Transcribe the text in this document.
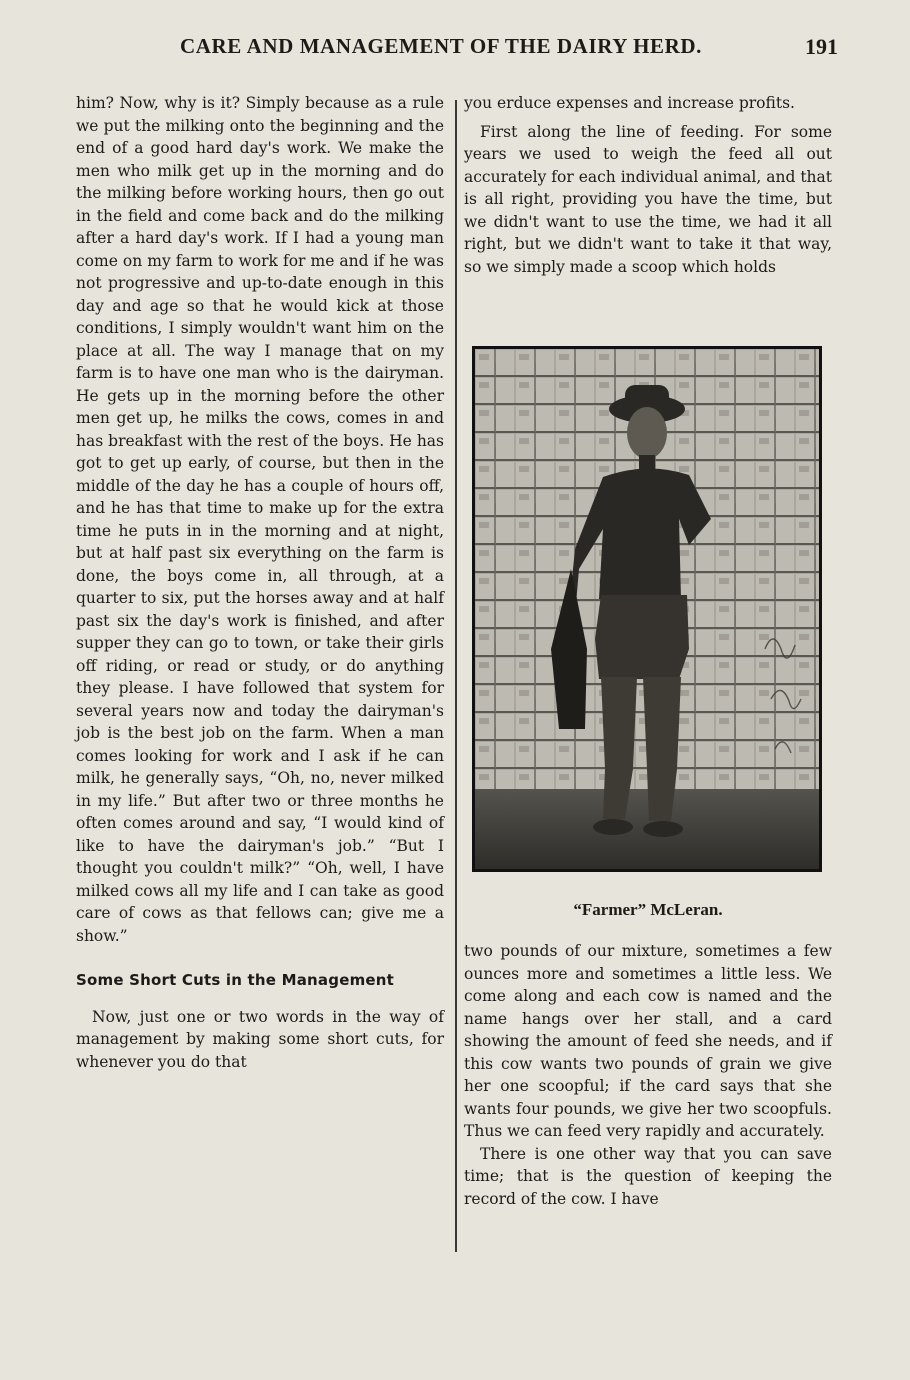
CARE AND MANAGEMENT OF THE DAIRY HERD.	191

him? Now, why is it? Simply because as a rule we put the milking onto the beginning and the end of a good hard day's work. We make the men who milk get up in the morning and do the milking before working hours, then go out in the field and come back and do the milking after a hard day's work. If I had a young man come on my farm to work for me and if he was not progressive and up-to-date enough in this day and age so that he would kick at those conditions, I simply wouldn't want him on the place at all. The way I manage that on my farm is to have one man who is the dairyman. He gets up in the morning before the other men get up, he milks the cows, comes in and has breakfast with the rest of the boys. He has got to get up early, of course, but then in the middle of the day he has a couple of hours off, and he has that time to make up for the extra time he puts in in the morning and at night, but at half past six everything on the farm is done, the boys come in, all through, at a quarter to six, put the horses away and at half past six the day's work is finished, and after supper they can go to town, or take their girls off riding, or read or study, or do anything they please. I have followed that system for several years now and today the dairyman's job is the best job on the farm. When a man comes looking for work and I ask if he can milk, he generally says, “Oh, no, never milked in my life.” But after two or three months he often comes around and say, “I would kind of like to have the dairyman's job.” “But I thought you couldn't milk?” “Oh, well, I have milked cows all my life and I can take as good care of cows as that fellows can; give me a show.”

Some Short Cuts in the Management

Now, just one or two words in the way of management by making some short cuts, for whenever you do that

you erduce expenses and increase profits.

First along the line of feeding. For some years we used to weigh the feed all out accurately for each individual animal, and that is all right, providing you have the time, but we didn't want to use the time, we had it all right, but we didn't want to take it that way, so we simply made a scoop which holds

“Farmer” McLeran.

two pounds of our mixture, sometimes a few ounces more and sometimes a little less. We come along and each cow is named and the name hangs over her stall, and a card showing the amount of feed she needs, and if this cow wants two pounds of grain we give her one scoopful; if the card says that she wants four pounds, we give her two scoopfuls. Thus we can feed very rapidly and accurately.

There is one other way that you can save time; that is the question of keeping the record of the cow. I have
